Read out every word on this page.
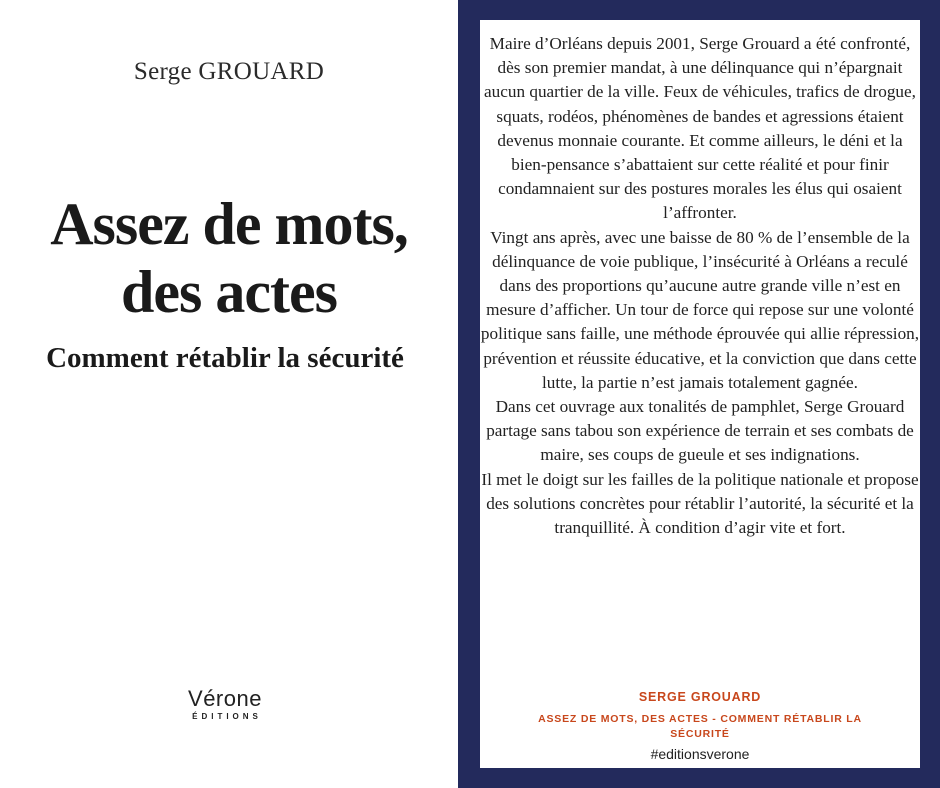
Serge GROUARD
Assez de mots,
des actes
Comment rétablir la sécurité
Vérone
ÉDITIONS

Maire d’Orléans depuis 2001, Serge Grouard a été confronté, dès son premier mandat, à une délinquance qui n’épargnait aucun quartier de la ville. Feux de véhicules, trafics de drogue, squats, rodéos, phénomènes de bandes et agressions étaient devenus monnaie courante. Et comme ailleurs, le déni et la bien-pensance s’abattaient sur cette réalité et pour finir condamnaient sur des postures morales les élus qui osaient l’affronter.

Vingt ans après, avec une baisse de 80 % de l’ensemble de la délinquance de voie publique, l’insécurité à Orléans a reculé dans des proportions qu’aucune autre grande ville n’est en mesure d’afficher. Un tour de force qui repose sur une volonté politique sans faille, une méthode éprouvée qui allie répression, prévention et réussite éducative, et la conviction que dans cette lutte, la partie n’est jamais totalement gagnée.

Dans cet ouvrage aux tonalités de pamphlet, Serge Grouard partage sans tabou son expérience de terrain et ses combats de maire, ses coups de gueule et ses indignations.

Il met le doigt sur les failles de la politique nationale et propose des solutions concrètes pour rétablir l’autorité, la sécurité et la tranquillité. À condition d’agir vite et fort.

SERGE GROUARD
ASSEZ DE MOTS, DES ACTES - COMMENT RÉTABLIR LA SÉCURITÉ
#editionsverone
